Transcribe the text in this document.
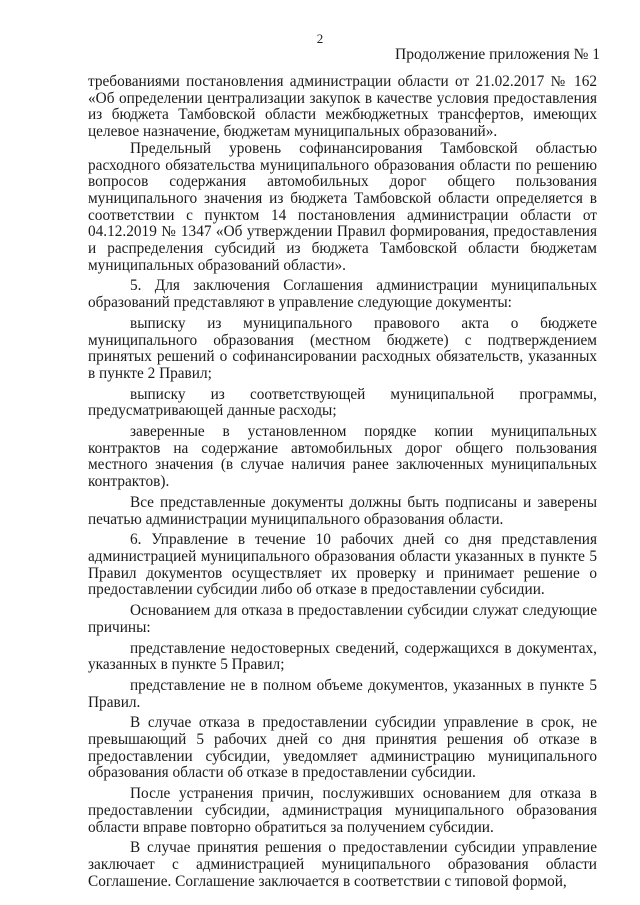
2
Продолжение приложения № 1

требованиями постановления администрации области от 21.02.2017 № 162 «Об определении централизации закупок в качестве условия предоставления из бюджета Тамбовской области межбюджетных трансфертов, имеющих целевое назначение, бюджетам муниципальных образований».

Предельный уровень софинансирования Тамбовской областью расходного обязательства муниципального образования области по решению вопросов содержания автомобильных дорог общего пользования муниципального значения из бюджета Тамбовской области определяется в соответствии с пунктом 14 постановления администрации области от 04.12.2019 № 1347 «Об утверждении Правил формирования, предоставления и распределения субсидий из бюджета Тамбовской области бюджетам муниципальных образований области».

5. Для заключения Соглашения администрации муниципальных образований представляют в управление следующие документы:

выписку из муниципального правового акта о бюджете муниципального образования (местном бюджете) с подтверждением принятых решений о софинансировании расходных обязательств, указанных в пункте 2 Правил;

выписку из соответствующей муниципальной программы, предусматривающей данные расходы;

заверенные в установленном порядке копии муниципальных контрактов на содержание автомобильных дорог общего пользования местного значения (в случае наличия ранее заключенных муниципальных контрактов).

Все представленные документы должны быть подписаны и заверены печатью администрации муниципального образования области.

6. Управление в течение 10 рабочих дней со дня представления администрацией муниципального образования области указанных в пункте 5 Правил документов осуществляет их проверку и принимает решение о предоставлении субсидии либо об отказе в предоставлении субсидии.

Основанием для отказа в предоставлении субсидии служат следующие причины:

представление недостоверных сведений, содержащихся в документах, указанных в пункте 5 Правил;

представление не в полном объеме документов, указанных в пункте 5 Правил.

В случае отказа в предоставлении субсидии управление в срок, не превышающий 5 рабочих дней со дня принятия решения об отказе в предоставлении субсидии, уведомляет администрацию муниципального образования области об отказе в предоставлении субсидии.

После устранения причин, послуживших основанием для отказа в предоставлении субсидии, администрация муниципального образования области вправе повторно обратиться за получением субсидии.

В случае принятия решения о предоставлении субсидии управление заключает с администрацией муниципального образования области Соглашение. Соглашение заключается в соответствии с типовой формой,
